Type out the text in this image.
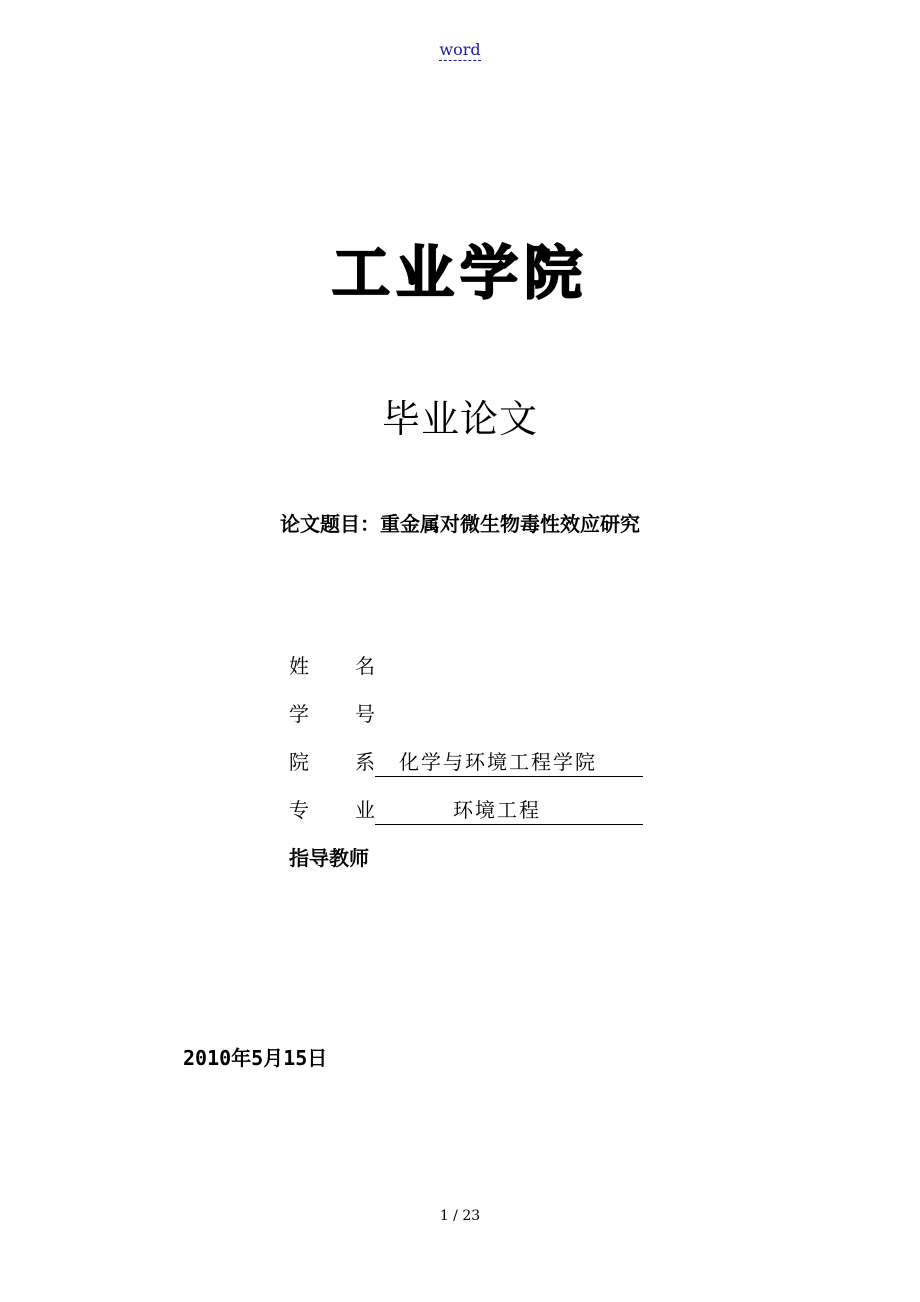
word
工业学院
毕业论文
论文题目：重金属对微生物毒性效应研究
姓 名
学 号
院 系	化学与环境工程学院
专 业	环境工程
指导教师
2010年5月15日
1 / 23
